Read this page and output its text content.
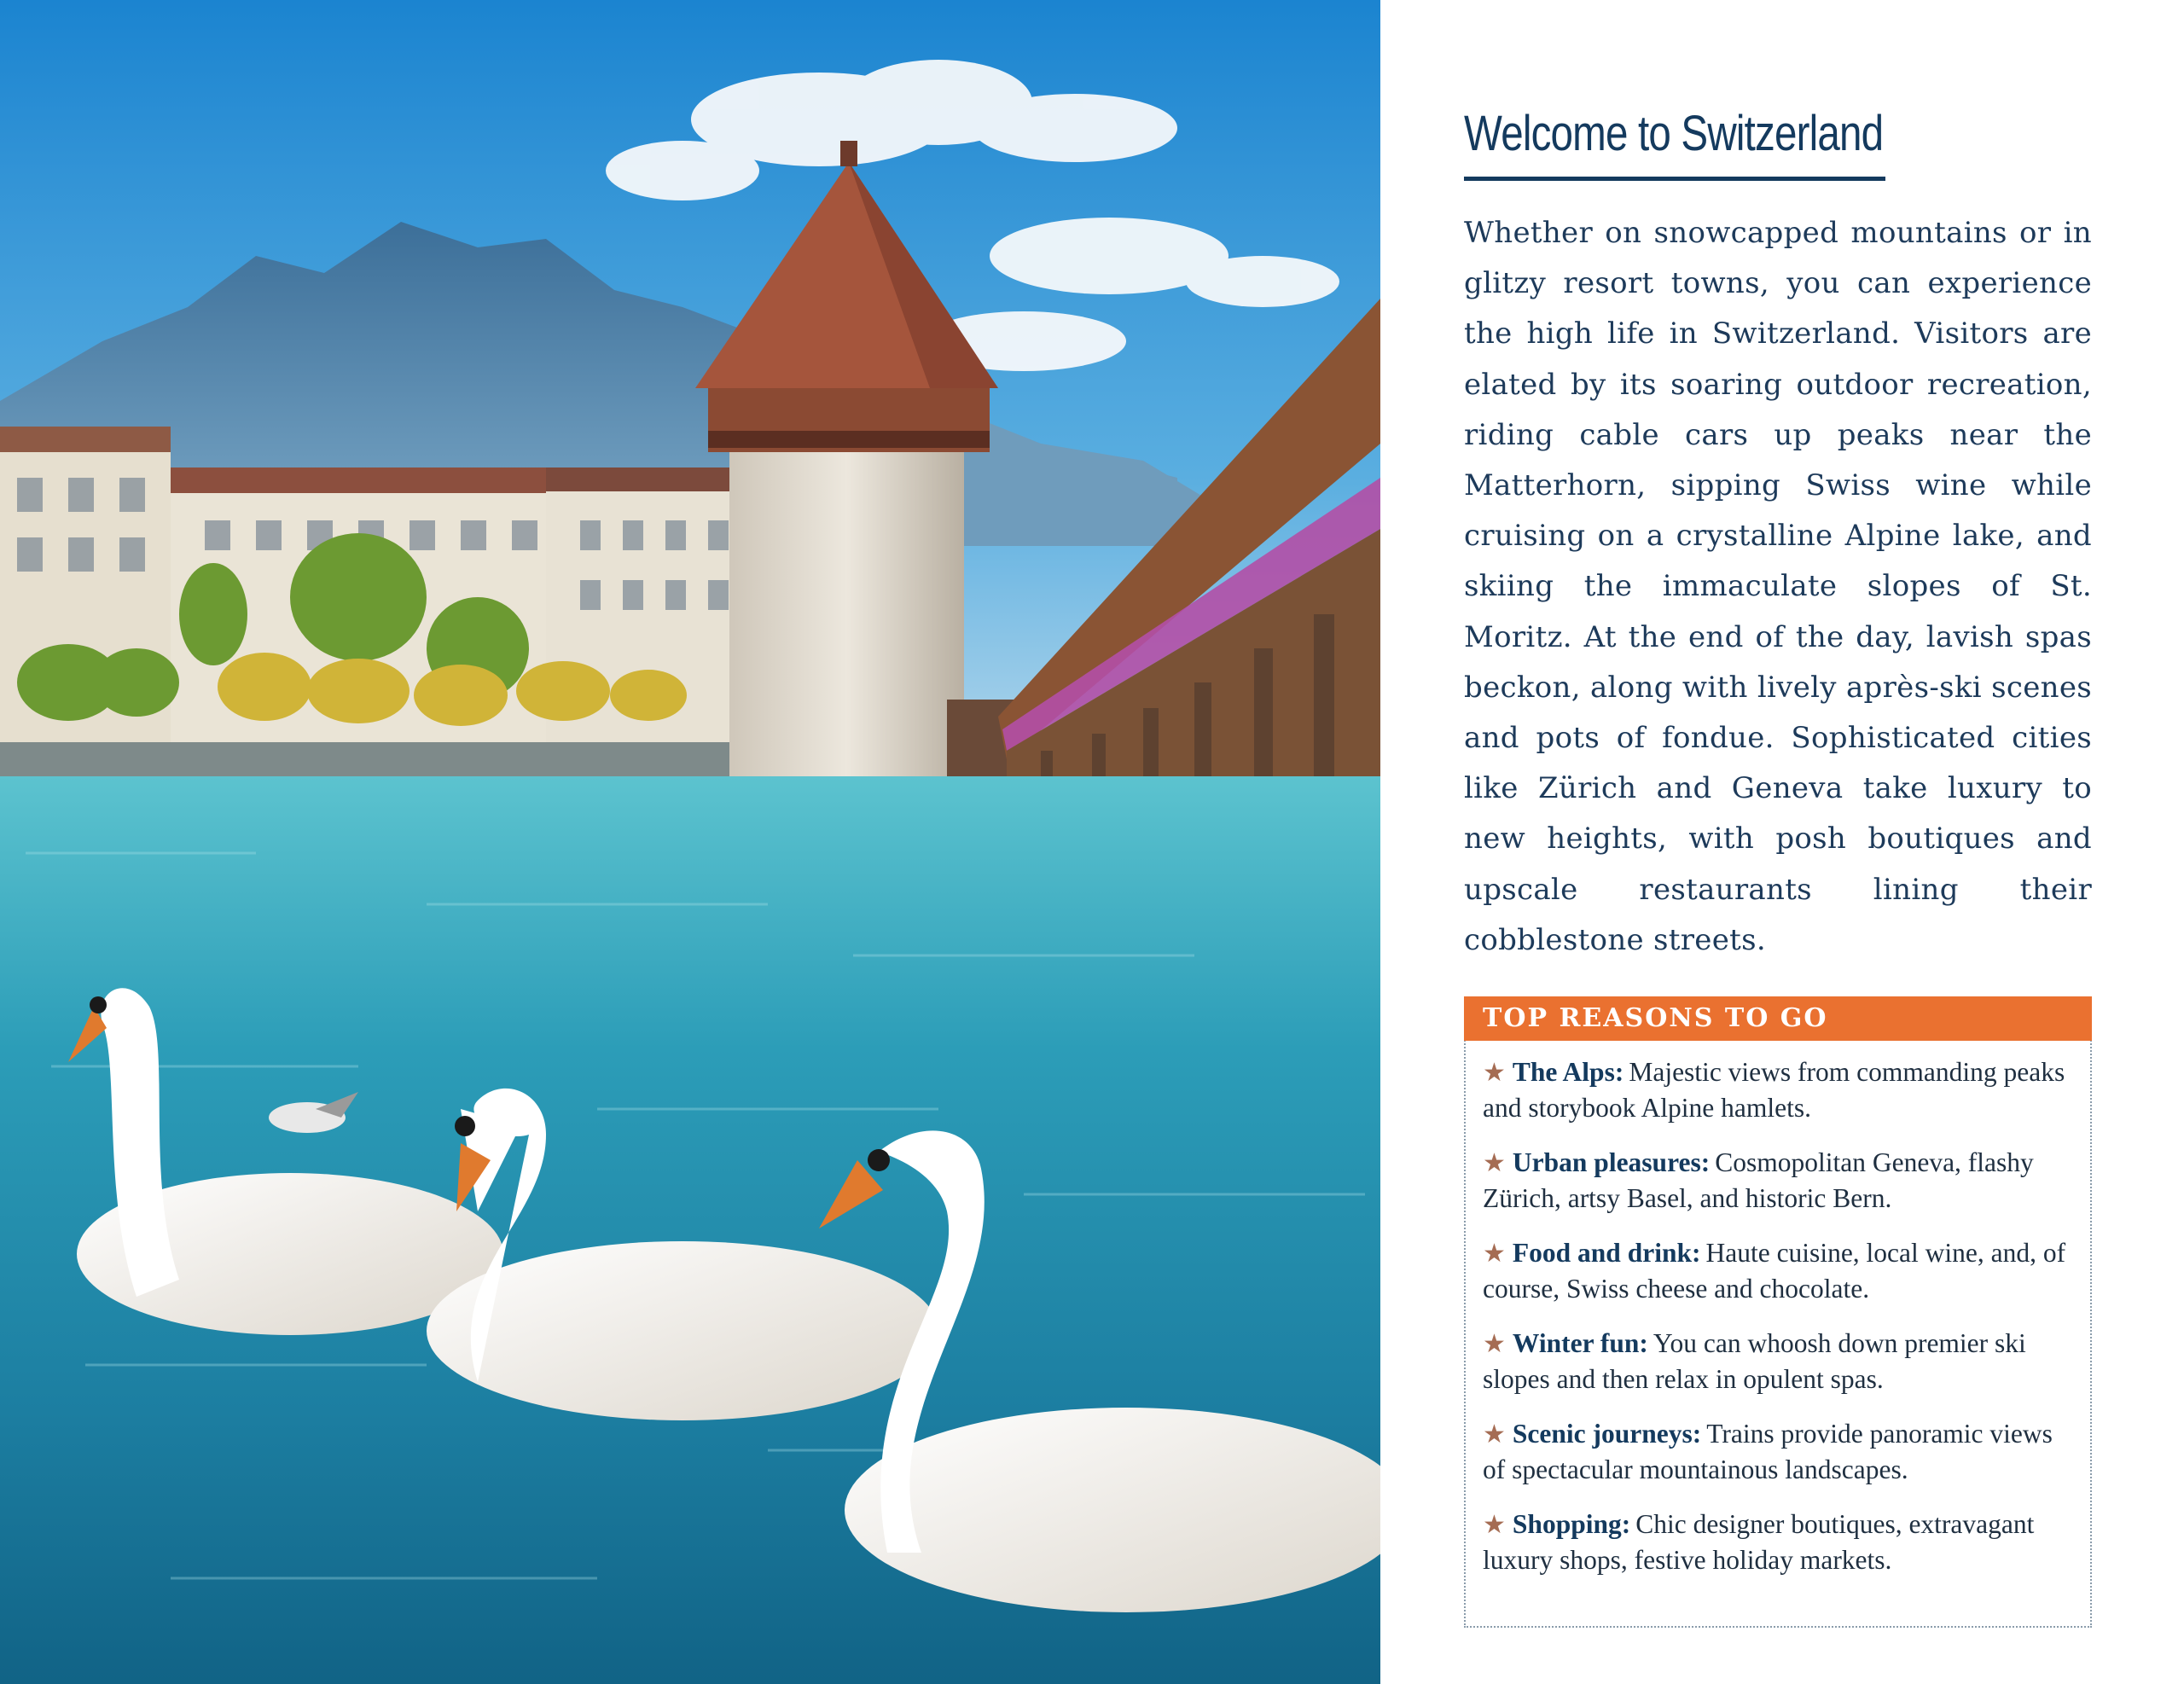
Welcome to Switzerland

Whether on snowcapped mountains or in glitzy resort towns, you can experience the high life in Switzerland. Visitors are elated by its soaring outdoor recreation, riding cable cars up peaks near the Matterhorn, sipping Swiss wine while cruising on a crystalline Alpine lake, and skiing the immaculate slopes of St. Moritz. At the end of the day, lavish spas beckon, along with lively après-ski scenes and pots of fondue. Sophisticated cities like Zürich and Geneva take luxury to new heights, with posh boutiques and upscale restaurants lining their cobblestone streets.

TOP REASONS TO GO
★ The Alps: Majestic views from commanding peaks and storybook Alpine hamlets.
★ Urban pleasures: Cosmopolitan Geneva, flashy Zürich, artsy Basel, and historic Bern.
★ Food and drink: Haute cuisine, local wine, and, of course, Swiss cheese and chocolate.
★ Winter fun: You can whoosh down premier ski slopes and then relax in opulent spas.
★ Scenic journeys: Trains provide panoramic views of spectacular mountainous landscapes.
★ Shopping: Chic designer boutiques, extravagant luxury shops, festive holiday markets.
